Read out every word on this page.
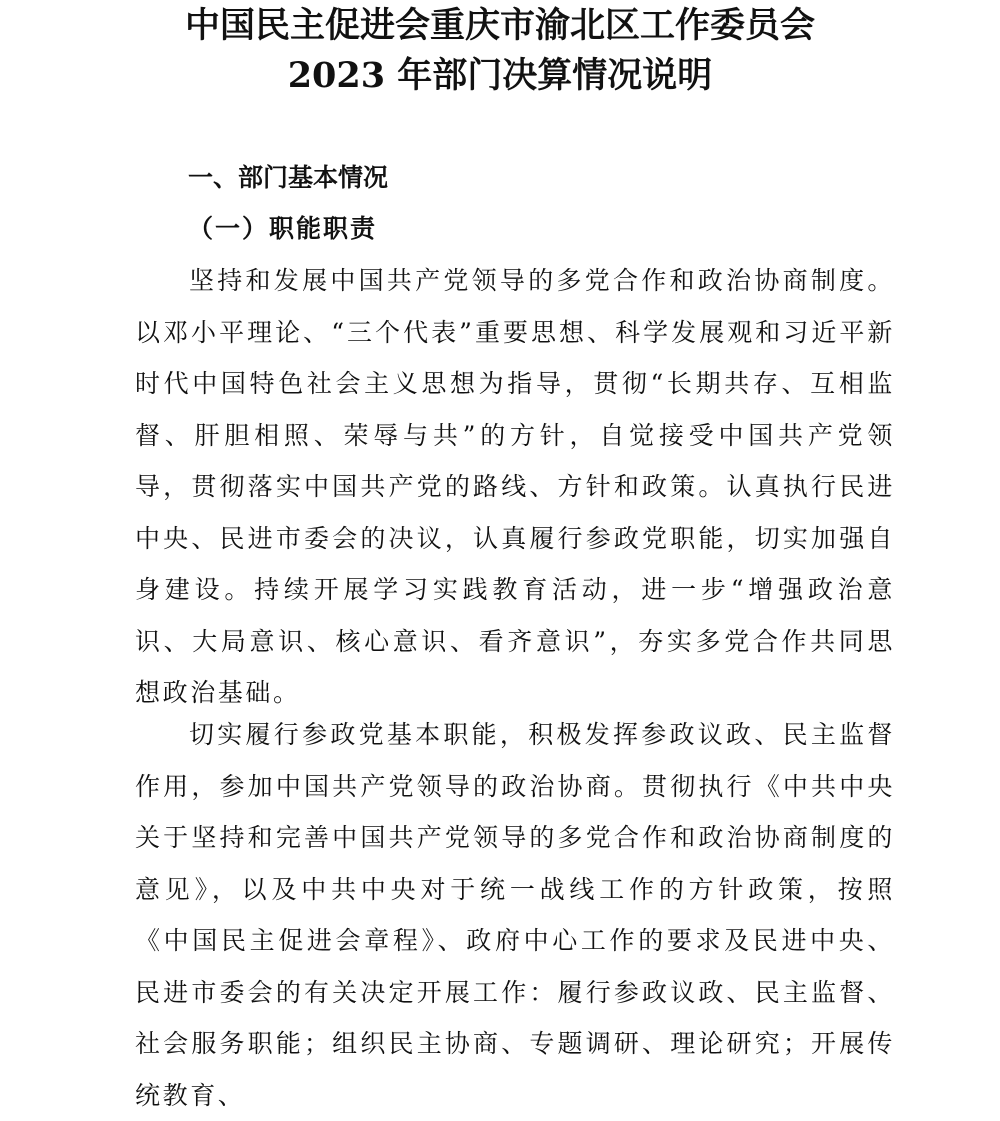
中国民主促进会重庆市渝北区工作委员会
2023 年部门决算情况说明
一、部门基本情况
（一）职能职责

坚持和发展中国共产党领导的多党合作和政治协商制度。以邓小平理论、“三个代表”重要思想、科学发展观和习近平新时代中国特色社会主义思想为指导，贯彻“长期共存、互相监督、肝胆相照、荣辱与共”的方针，自觉接受中国共产党领导，贯彻落实中国共产党的路线、方针和政策。认真执行民进中央、民进市委会的决议，认真履行参政党职能，切实加强自身建设。持续开展学习实践教育活动，进一步“增强政治意识、大局意识、核心意识、看齐意识”，夯实多党合作共同思想政治基础。

切实履行参政党基本职能，积极发挥参政议政、民主监督作用，参加中国共产党领导的政治协商。贯彻执行《中共中央关于坚持和完善中国共产党领导的多党合作和政治协商制度的意见》，以及中共中央对于统一战线工作的方针政策，按照《中国民主促进会章程》、政府中心工作的要求及民进中央、民进市委会的有关决定开展工作：履行参政议政、民主监督、社会服务职能；组织民主协商、专题调研、理论研究；开展传统教育、
